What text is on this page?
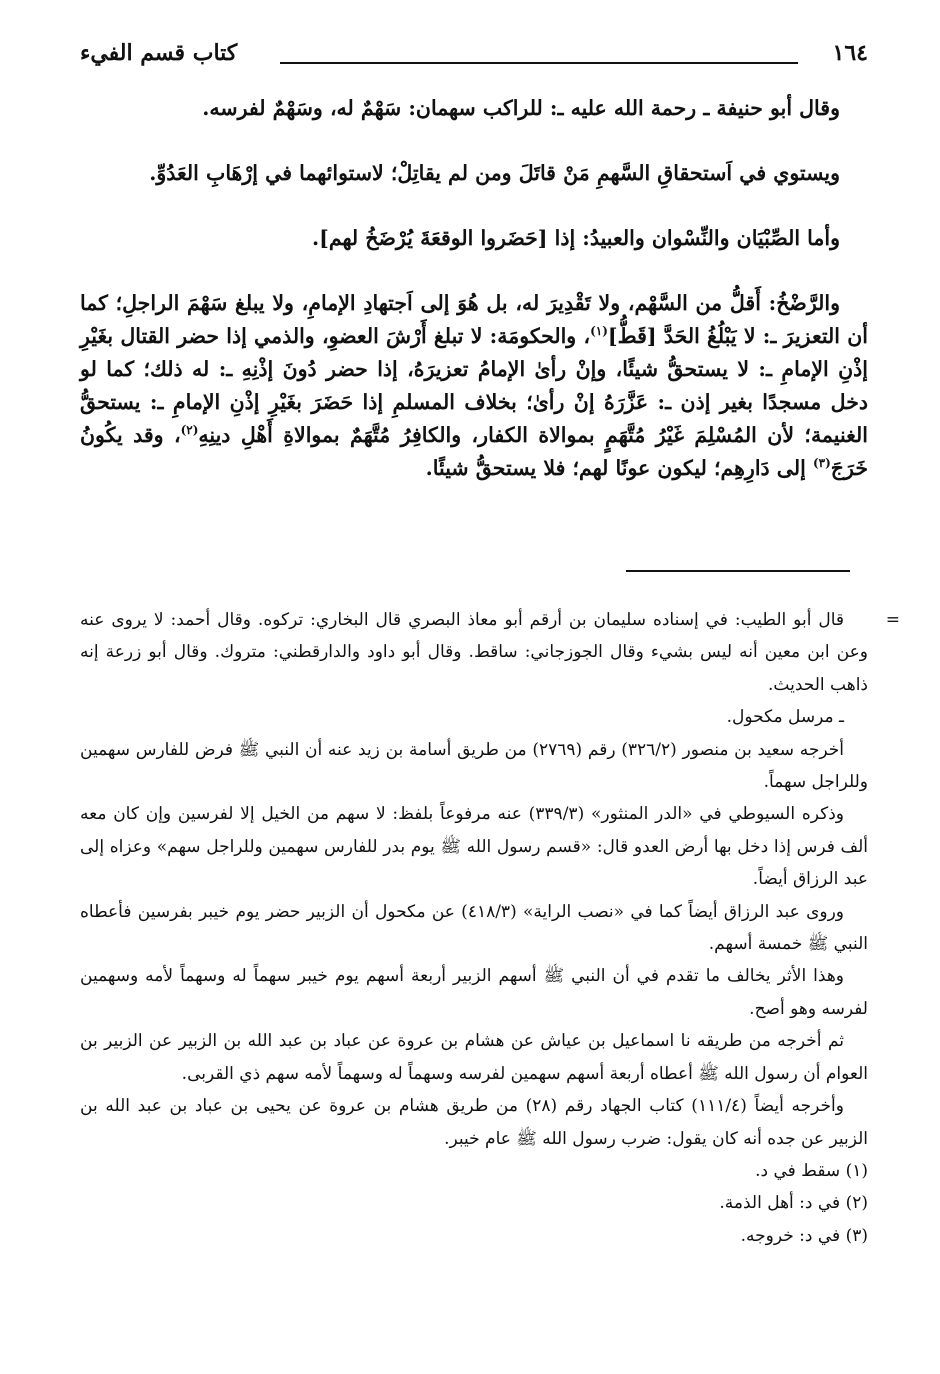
١٦٤
كتاب قسم الفيء

وقال أبو حنيفة ـ رحمة الله عليه ـ: للراكب سهمان: سَهْمٌ له، وسَهْمٌ لفرسه.

ويستوي في اَستحقاقِ السَّهمِ مَنْ قاتَلَ ومن لم يقاتِلْ؛ لاستوائهما في إرْهَابِ العَدُوِّ.

وأما الصِّبْيَان والنِّسْوان والعبيدُ: إذا [حَضَروا الوقعَةَ يُرْضَخُ لهم].

والرَّضْخُ: أَقلُّ من السَّهْم، ولا تَقْدِيرَ له، بل هُوَ إلى اَجتهادِ الإمامِ، ولا يبلغ سَهْمَ الراجلِ؛ كما أن التعزيرَ ـ: لا يَبْلُغُ الحَدَّ [قَطُّ]$^{(١)}$، والحكومَة: لا تبلغ أَرْشَ العضوِ، والذمي إذا حضر القتال بغَيْرِ إذْنِ الإمامِ ـ: لا يستحقُّ شيئًا، وإنْ رأىٰ الإمامُ تعزيرَهُ، إذا حضر دُونَ إذْنِهِ ـ: له ذلك؛ كما لو دخل مسجدًا بغير إذن ـ: عَزَّرَهُ إنْ رأىٰ؛ بخلاف المسلمِ إذا حَضَرَ بغَيْرِ إذْنِ الإمامِ ـ: يستحقُّ الغنيمة؛ لأن المُسْلِمَ غَيْرُ مُتَّهَمٍ بموالاة الكفار، والكافِرُ مُتَّهَمٌ بموالاةِ أَهْلِ دينِهِ$^{(٢)}$، وقد يكُونُ خَرَجَ$^{(٣)}$ إلى دَارِهِم؛ ليكون عونًا لهم؛ فلا يستحقُّ شيئًا.

=

قال أبو الطيب: في إسناده سليمان بن أرقم أبو معاذ البصري قال البخاري: تركوه. وقال أحمد: لا يروى عنه وعن ابن معين أنه ليس بشيء وقال الجوزجاني: ساقط. وقال أبو داود والدارقطني: متروك. وقال أبو زرعة إنه ذاهب الحديث.

ـ مرسل مكحول.

أخرجه سعيد بن منصور (٣٢٦/٢) رقم (٢٧٦٩) من طريق أسامة بن زيد عنه أن النبي ﷺ فرض للفارس سهمين وللراجل سهماً.

وذكره السيوطي في «الدر المنثور» (٣٣٩/٣) عنه مرفوعاً بلفظ: لا سهم من الخيل إلا لفرسين وإن كان معه ألف فرس إذا دخل بها أرض العدو قال: «قسم رسول الله ﷺ يوم بدر للفارس سهمين وللراجل سهم» وعزاه إلى عبد الرزاق أيضاً.

وروى عبد الرزاق أيضاً كما في «نصب الراية» (٤١٨/٣) عن مكحول أن الزبير حضر يوم خيبر بفرسين فأعطاه النبي ﷺ خمسة أسهم.

وهذا الأثر يخالف ما تقدم في أن النبي ﷺ أسهم الزبير أربعة أسهم يوم خيبر سهماً له وسهماً لأمه وسهمين لفرسه وهو أصح.

ثم أخرجه من طريقه نا اسماعيل بن عياش عن هشام بن عروة عن عباد بن عبد الله بن الزبير عن الزبير بن العوام أن رسول الله ﷺ أعطاه أربعة أسهم سهمين لفرسه وسهماً له وسهماً لأمه سهم ذي القربى.

وأخرجه أيضاً (١١١/٤) كتاب الجهاد رقم (٢٨) من طريق هشام بن عروة عن يحيى بن عباد بن عبد الله بن الزبير عن جده أنه كان يقول: ضرب رسول الله ﷺ عام خيبر.

(١) سقط في د.

(٢) في د: أهل الذمة.

(٣) في د: خروجه.
